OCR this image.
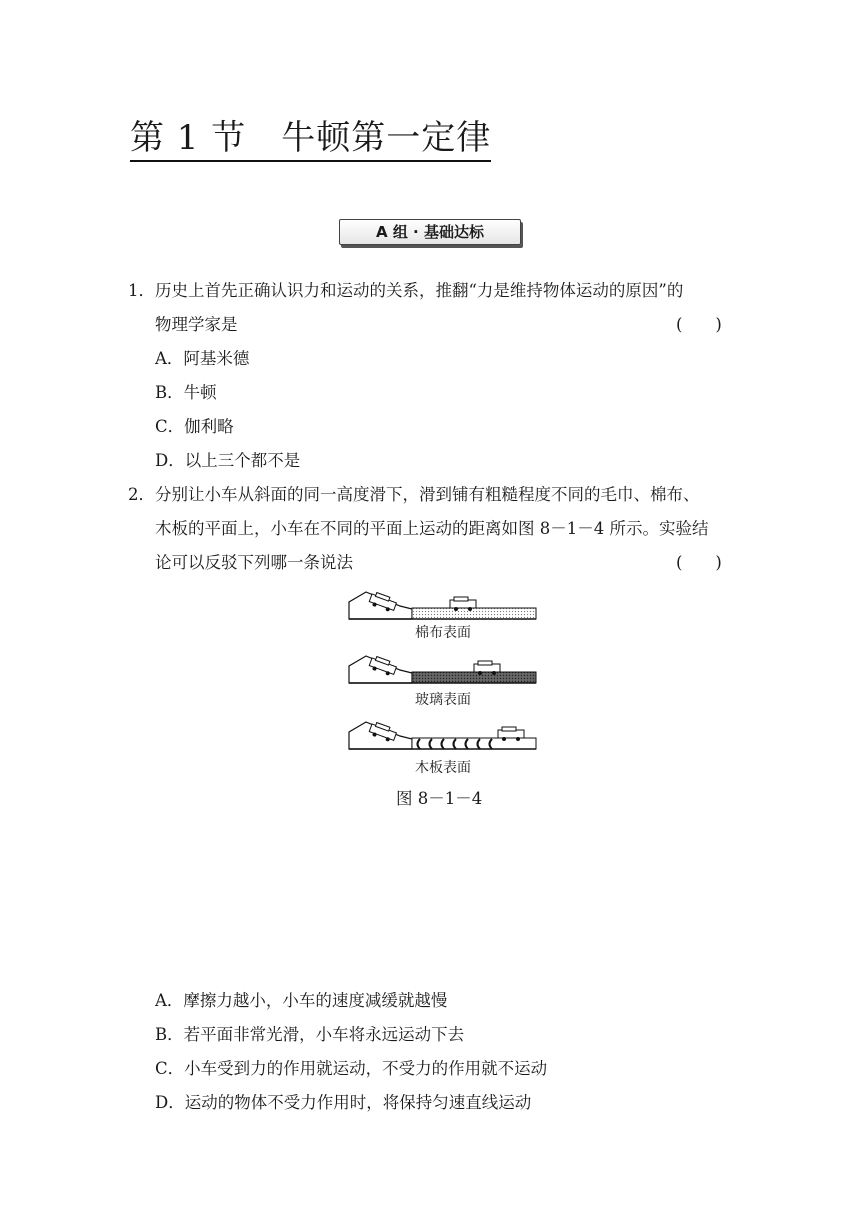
第 1 节　牛顿第一定律
A 组 · 基础达标
1． 历史上首先正确认识力和运动的关系，推翻“力是维持物体运动的原因”的
物理学家是	(　　)
A．阿基米德
B．牛顿
C．伽利略
D．以上三个都不是
2． 分别让小车从斜面的同一高度滑下，滑到铺有粗糙程度不同的毛巾、棉布、
木板的平面上，小车在不同的平面上运动的距离如图 8－1－4 所示。实验结
论可以反驳下列哪一条说法	(　　)
棉布表面
玻璃表面
木板表面
图 8－1－4
A．摩擦力越小，小车的速度减缓就越慢
B．若平面非常光滑，小车将永远运动下去
C．小车受到力的作用就运动，不受力的作用就不运动
D．运动的物体不受力作用时，将保持匀速直线运动
